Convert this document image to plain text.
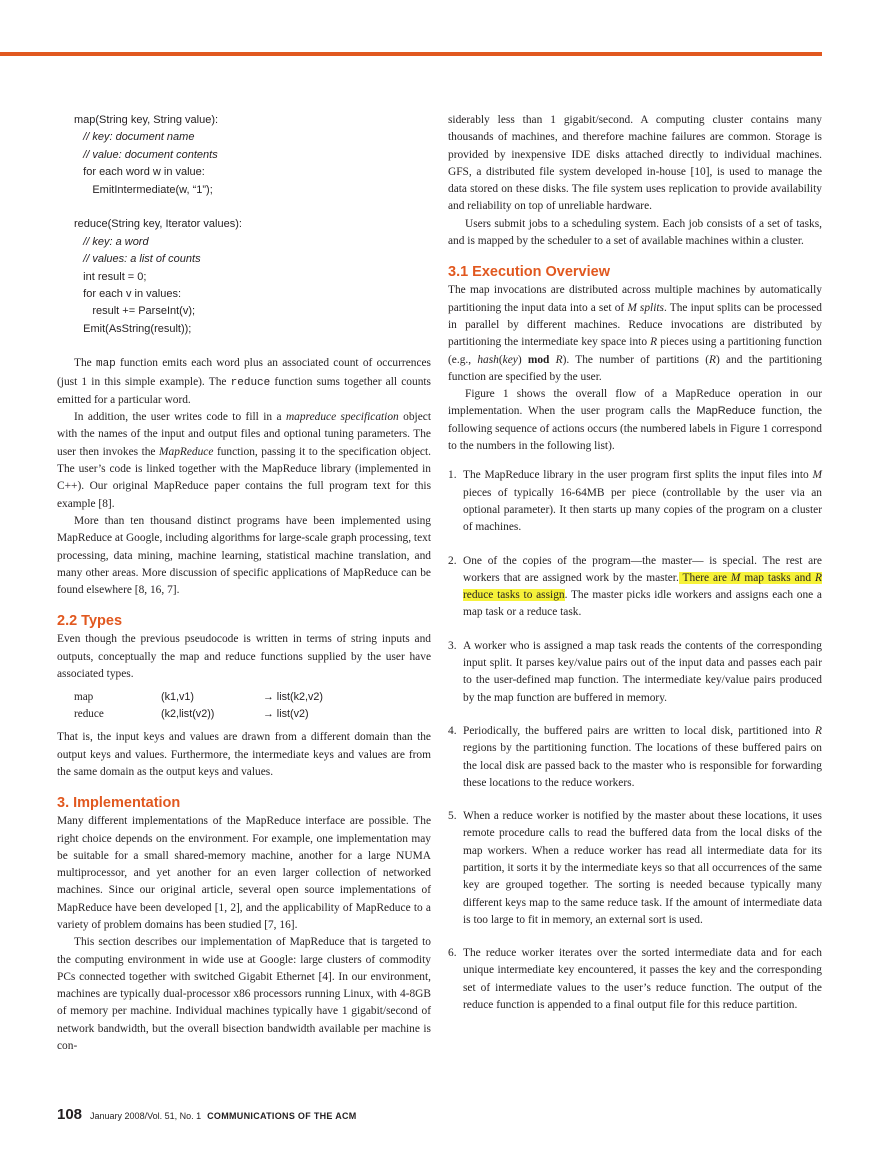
map(String key, String value):
// key: document name
// value: document contents
for each word w in value:
EmitIntermediate(w, “1”);

reduce(String key, Iterator values):
// key: a word
// values: a list of counts
int result = 0;
for each v in values:
result += ParseInt(v);
Emit(AsString(result));

The map function emits each word plus an associated count of occurrences (just 1 in this simple example). The reduce function sums together all counts emitted for a particular word.

In addition, the user writes code to fill in a mapreduce specification object with the names of the input and output files and optional tuning parameters. The user then invokes the MapReduce function, passing it to the specification object. The user’s code is linked together with the MapReduce library (implemented in C++). Our original MapReduce paper contains the full program text for this example [8].

More than ten thousand distinct programs have been implemented using MapReduce at Google, including algorithms for large-scale graph processing, text processing, data mining, machine learning, statistical machine translation, and many other areas. More discussion of specific applications of MapReduce can be found elsewhere [8, 16, 7].

2.2 Types

Even though the previous pseudocode is written in terms of string inputs and outputs, conceptually the map and reduce functions supplied by the user have associated types.

map	(k1,v1)	→ list(k2,v2)
reduce	(k2,list(v2))	→ list(v2)

That is, the input keys and values are drawn from a different domain than the output keys and values. Furthermore, the intermediate keys and values are from the same domain as the output keys and values.

3. Implementation

Many different implementations of the MapReduce interface are possible. The right choice depends on the environment. For example, one implementation may be suitable for a small shared-memory machine, another for a large NUMA multiprocessor, and yet another for an even larger collection of networked machines. Since our original article, several open source implementations of MapReduce have been developed [1, 2], and the applicability of MapReduce to a variety of problem domains has been studied [7, 16].

This section describes our implementation of MapReduce that is targeted to the computing environment in wide use at Google: large clusters of commodity PCs connected together with switched Gigabit Ethernet [4]. In our environment, machines are typically dual-processor x86 processors running Linux, with 4-8GB of memory per machine. Individual machines typically have 1 gigabit/second of network bandwidth, but the overall bisection bandwidth available per machine is con-

siderably less than 1 gigabit/second. A computing cluster contains many thousands of machines, and therefore machine failures are common. Storage is provided by inexpensive IDE disks attached directly to individual machines. GFS, a distributed file system developed in-house [10], is used to manage the data stored on these disks. The file system uses replication to provide availability and reliability on top of unreliable hardware.

Users submit jobs to a scheduling system. Each job consists of a set of tasks, and is mapped by the scheduler to a set of available machines within a cluster.

3.1 Execution Overview

The map invocations are distributed across multiple machines by automatically partitioning the input data into a set of M splits. The input splits can be processed in parallel by different machines. Reduce invocations are distributed by partitioning the intermediate key space into R pieces using a partitioning function (e.g., hash(key) mod R). The number of partitions (R) and the partitioning function are specified by the user.

Figure 1 shows the overall flow of a MapReduce operation in our implementation. When the user program calls the MapReduce function, the following sequence of actions occurs (the numbered labels in Figure 1 correspond to the numbers in the following list).

1. The MapReduce library in the user program first splits the input files into M pieces of typically 16-64MB per piece (controllable by the user via an optional parameter). It then starts up many copies of the program on a cluster of machines.
2. One of the copies of the program—the master— is special. The rest are workers that are assigned work by the master. There are M map tasks and R reduce tasks to assign. The master picks idle workers and assigns each one a map task or a reduce task.
3. A worker who is assigned a map task reads the contents of the corresponding input split. It parses key/value pairs out of the input data and passes each pair to the user-defined map function. The intermediate key/value pairs produced by the map function are buffered in memory.
4. Periodically, the buffered pairs are written to local disk, partitioned into R regions by the partitioning function. The locations of these buffered pairs on the local disk are passed back to the master who is responsible for forwarding these locations to the reduce workers.
5. When a reduce worker is notified by the master about these locations, it uses remote procedure calls to read the buffered data from the local disks of the map workers. When a reduce worker has read all intermediate data for its partition, it sorts it by the intermediate keys so that all occurrences of the same key are grouped together. The sorting is needed because typically many different keys map to the same reduce task. If the amount of intermediate data is too large to fit in memory, an external sort is used.
6. The reduce worker iterates over the sorted intermediate data and for each unique intermediate key encountered, it passes the key and the corresponding set of intermediate values to the user’s reduce function. The output of the reduce function is appended to a final output file for this reduce partition.
108 January 2008/Vol. 51, No. 1 COMMUNICATIONS OF THE ACM
